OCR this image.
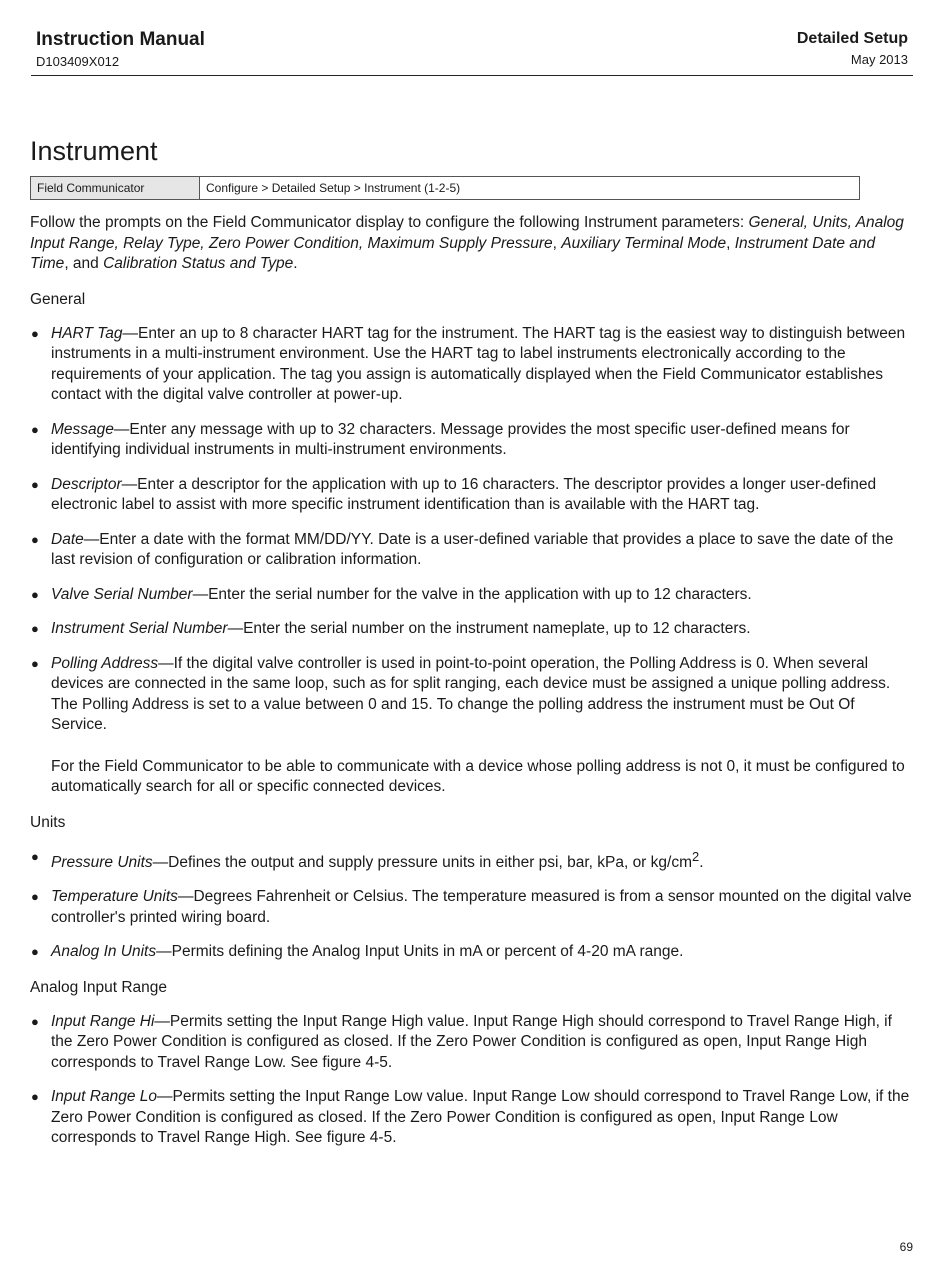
Instruction Manual
D103409X012
Detailed Setup
May 2013
Instrument
Field Communicator	Configure > Detailed Setup > Instrument (1-2-5)

Follow the prompts on the Field Communicator display to configure the following Instrument parameters: General, Units, Analog Input Range, Relay Type, Zero Power Condition, Maximum Supply Pressure, Auxiliary Terminal Mode, Instrument Date and Time, and Calibration Status and Type.

General
● HART Tag—Enter an up to 8 character HART tag for the instrument. The HART tag is the easiest way to distinguish between instruments in a multi-instrument environment. Use the HART tag to label instruments electronically according to the requirements of your application. The tag you assign is automatically displayed when the Field Communicator establishes contact with the digital valve controller at power-up.
● Message—Enter any message with up to 32 characters. Message provides the most specific user-defined means for identifying individual instruments in multi-instrument environments.
● Descriptor—Enter a descriptor for the application with up to 16 characters. The descriptor provides a longer user-defined electronic label to assist with more specific instrument identification than is available with the HART tag.
● Date—Enter a date with the format MM/DD/YY. Date is a user-defined variable that provides a place to save the date of the last revision of configuration or calibration information.
● Valve Serial Number—Enter the serial number for the valve in the application with up to 12 characters.
● Instrument Serial Number—Enter the serial number on the instrument nameplate, up to 12 characters.
● Polling Address—If the digital valve controller is used in point-to-point operation, the Polling Address is 0. When several devices are connected in the same loop, such as for split ranging, each device must be assigned a unique polling address. The Polling Address is set to a value between 0 and 15. To change the polling address the instrument must be Out Of Service.
For the Field Communicator to be able to communicate with a device whose polling address is not 0, it must be configured to automatically search for all or specific connected devices.
Units
● Pressure Units—Defines the output and supply pressure units in either psi, bar, kPa, or $kg/cm^2$.
● Temperature Units—Degrees Fahrenheit or Celsius. The temperature measured is from a sensor mounted on the digital valve controller's printed wiring board.
● Analog In Units—Permits defining the Analog Input Units in mA or percent of 4-20 mA range.
Analog Input Range
● Input Range Hi—Permits setting the Input Range High value. Input Range High should correspond to Travel Range High, if the Zero Power Condition is configured as closed. If the Zero Power Condition is configured as open, Input Range High corresponds to Travel Range Low. See figure 4-5.
● Input Range Lo—Permits setting the Input Range Low value. Input Range Low should correspond to Travel Range Low, if the Zero Power Condition is configured as closed. If the Zero Power Condition is configured as open, Input Range Low corresponds to Travel Range High. See figure 4-5.
69
